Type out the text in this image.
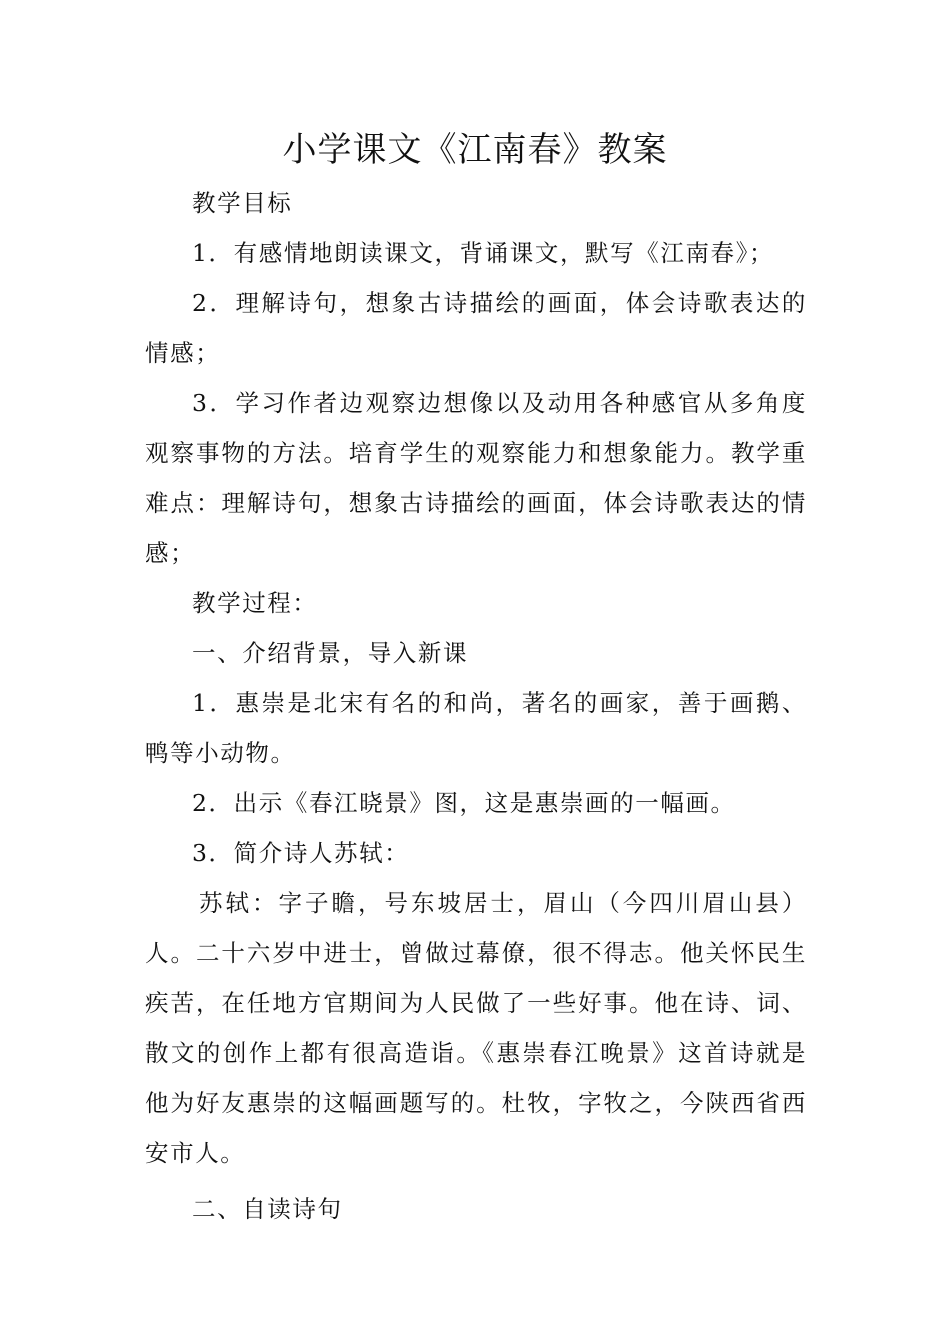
小学课文《江南春》教案

教学目标

1．有感情地朗读课文，背诵课文，默写《江南春》；

2．理解诗句，想象古诗描绘的画面，体会诗歌表达的情感；

3．学习作者边观察边想像以及动用各种感官从多角度观察事物的方法。培育学生的观察能力和想象能力。教学重难点：理解诗句，想象古诗描绘的画面，体会诗歌表达的情感；

教学过程：

一、介绍背景，导入新课

1．惠崇是北宋有名的和尚，著名的画家，善于画鹅、鸭等小动物。

2．出示《春江晓景》图，这是惠崇画的一幅画。

3．简介诗人苏轼：

苏轼：字子瞻，号东坡居士，眉山（今四川眉山县）人。二十六岁中进士，曾做过幕僚，很不得志。他关怀民生疾苦，在任地方官期间为人民做了一些好事。他在诗、词、散文的创作上都有很高造诣。《惠崇春江晚景》这首诗就是他为好友惠崇的这幅画题写的。杜牧，字牧之，今陕西省西安市人。

二、自读诗句
